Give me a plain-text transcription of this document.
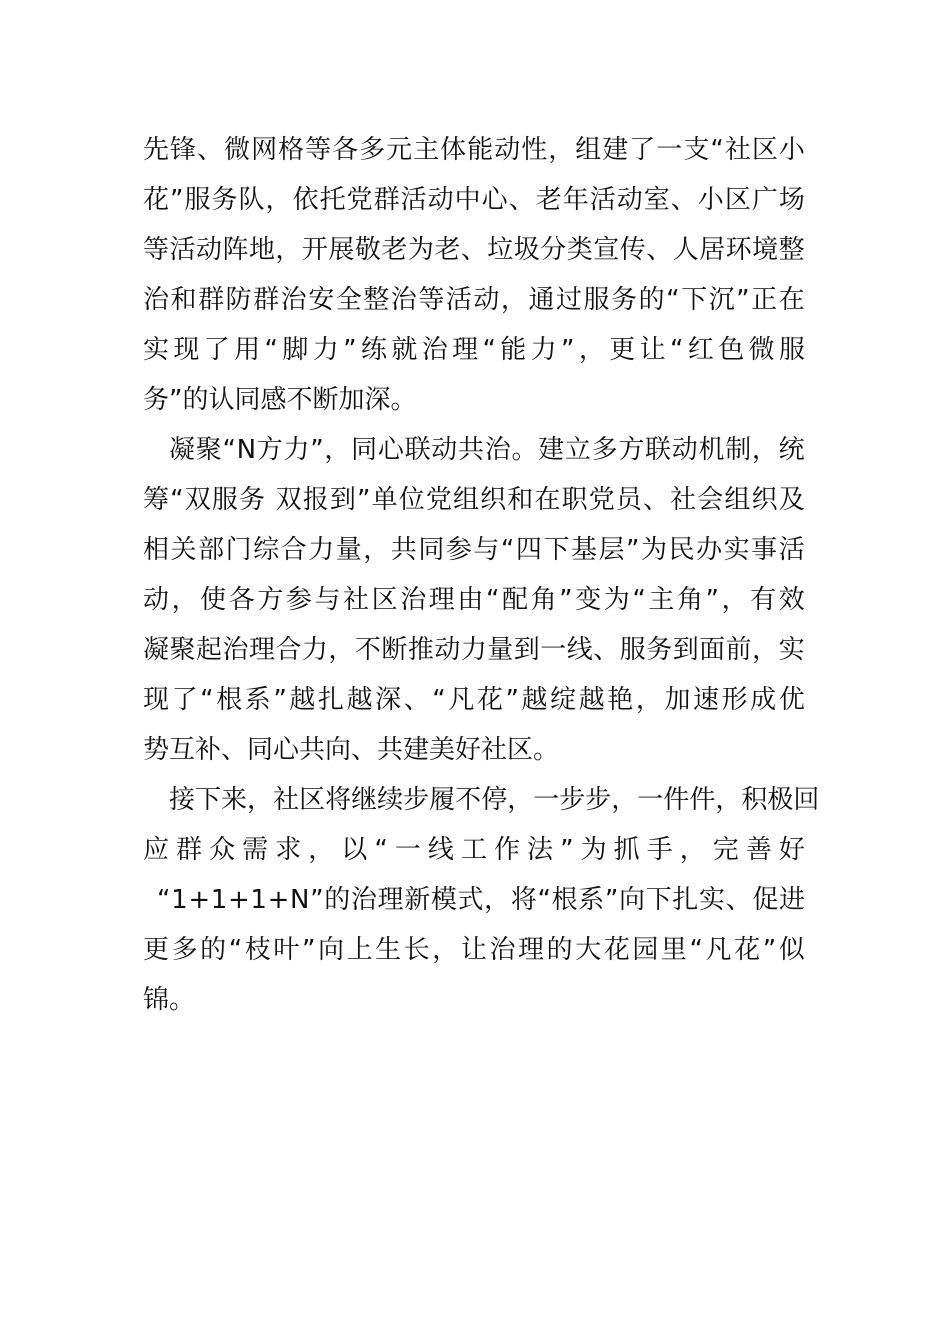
先 锋 、 微 网 格 等 各 多 元 主 体 能 动 性 ， 组 建 了 一 支 “ 社 区 小
花 ” 服 务 队 ， 依 托 党 群 活 动 中 心 、 老 年 活 动 室 、 小 区 广 场
等 活 动 阵 地 ， 开 展 敬 老 为 老 、 垃 圾 分 类 宣 传 、 人 居 环 境 整
治 和 群 防 群 治 安 全 整 治 等 活 动 ， 通 过 服 务 的 “ 下 沉 ” 正 在
实 现 了 用 “ 脚 力 ” 练 就 治 理 “ 能 力 ” ， 更 让 “ 红 色 微 服
务”的认同感不断加深。
凝 聚 “ N 方 力 ” ， 同 心 联 动 共 治 。 建 立 多 方 联 动 机 制 ， 统
筹 “ 双 服 务
双 报 到 ” 单 位 党 组 织 和 在 职 党 员 、 社 会 组 织 及
相 关 部 门 综 合 力 量 ， 共 同 参 与 “ 四 下 基 层 ” 为 民 办 实 事 活
动 ， 使 各 方 参 与 社 区 治 理 由 “ 配 角 ” 变 为 “ 主 角 ” ， 有 效
凝 聚 起 治 理 合 力 ， 不 断 推 动 力 量 到 一 线 、 服 务 到 面 前 ， 实
现 了 “ 根 系 ” 越 扎 越 深 、 “ 凡 花 ” 越 绽 越 艳 ， 加 速 形 成 优
势互补、同心共向、共建美好社区。
接 下 来 ， 社 区 将 继 续 步 履 不 停 ， 一 步 步 ， 一 件 件 ， 积 极 回
应 群 众 需 求 ， 以 “ 一 线 工 作 法 ” 为 抓 手 ， 完 善 好
“ 1 + 1 + 1 + N ” 的 治 理 新 模 式 ， 将 “ 根 系 ” 向 下 扎 实 、 促 进
更 多 的 “ 枝 叶 ” 向 上 生 长 ， 让 治 理 的 大 花 园 里 “ 凡 花 ” 似
锦。
